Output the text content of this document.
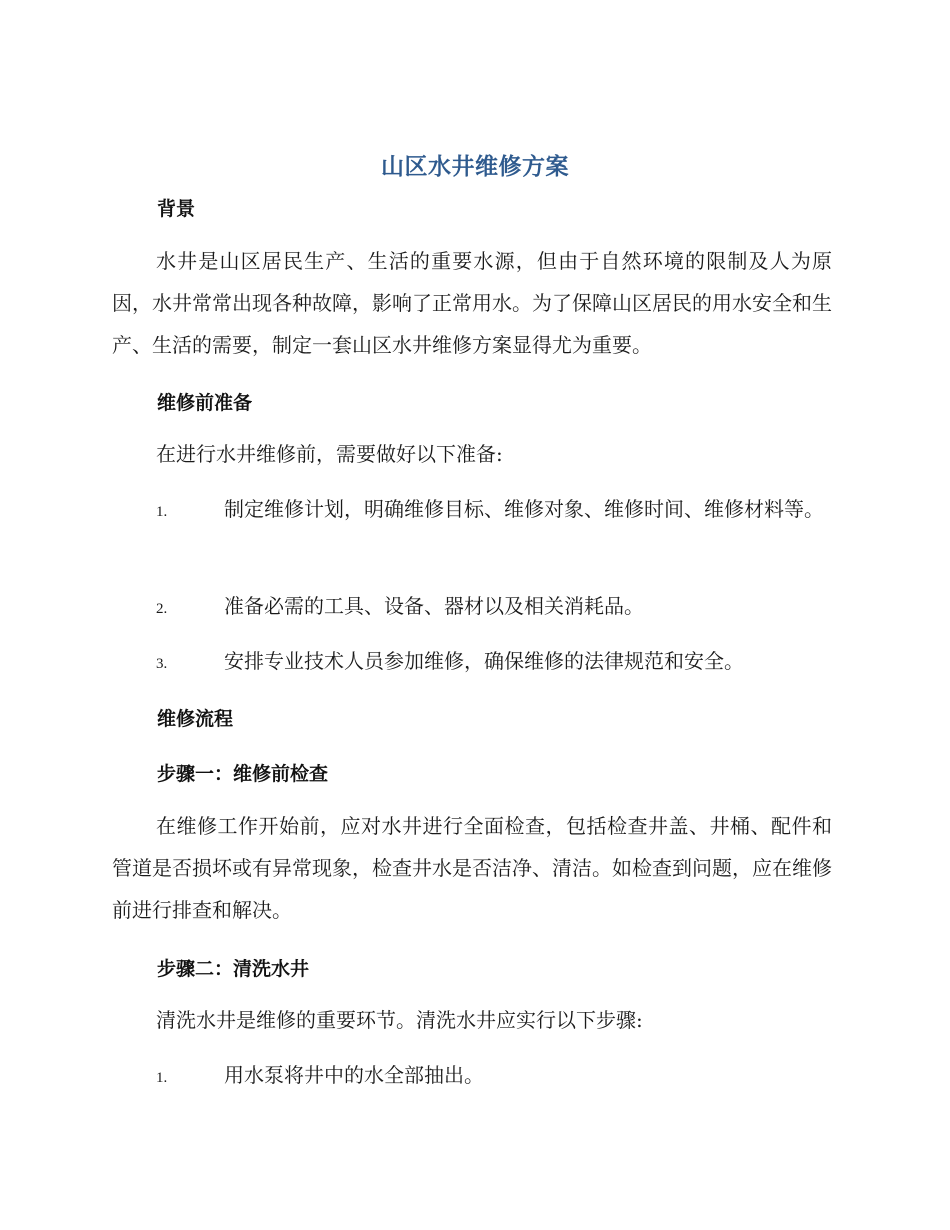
山区水井维修方案
背景
水井是山区居民生产、生活的重要水源，但由于自然环境的限制及人为原因，水井常常出现各种故障，影响了正常用水。为了保障山区居民的用水安全和生产、生活的需要，制定一套山区水井维修方案显得尤为重要。
维修前准备
在进行水井维修前，需要做好以下准备:
1.	制定维修计划，明确维修目标、维修对象、维修时间、维修材料等。
2.	准备必需的工具、设备、器材以及相关消耗品。
3.	安排专业技术人员参加维修，确保维修的法律规范和安全。
维修流程
步骤一：维修前检查
在维修工作开始前，应对水井进行全面检查，包括检查井盖、井桶、配件和管道是否损坏或有异常现象，检查井水是否洁净、清洁。如检查到问题，应在维修前进行排查和解决。
步骤二：清洗水井
清洗水井是维修的重要环节。清洗水井应实行以下步骤:
1.	用水泵将井中的水全部抽出。
